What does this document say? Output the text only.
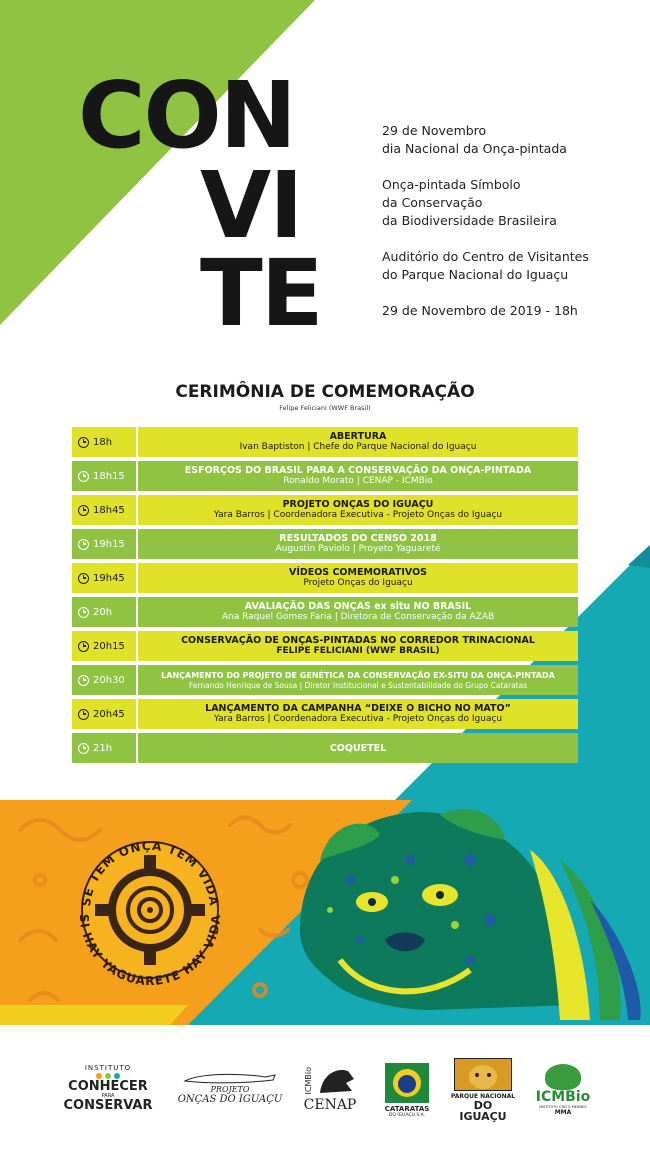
SE TEM ONÇA TEM VIDA
SI HAY YAGUARETE HAY VIDA
CON
VI
TE
29 de Novembro
dia Nacional da Onça-pintada
Onça-pintada Símbolo
da Conservação
da Biodiversidade Brasileira
Auditório do Centro de Visitantes
do Parque Nacional do Iguaçu
29 de Novembro de 2019 - 18h
CERIMÔNIA DE COMEMORAÇÃO
Felipe Feliciani (WWF Brasil)
18h	ABERTURA
Ivan Baptiston | Chefe do Parque Nacional do Iguaçu
18h15	ESFORÇOS DO BRASIL PARA A CONSERVAÇÃO DA ONÇA-PINTADA
Ronaldo Morato | CENAP - ICMBio
18h45	PROJETO ONÇAS DO IGUAÇU
Yara Barros | Coordenadora Executiva - Projeto Onças do Iguaçu
19h15	RESULTADOS DO CENSO 2018
Augustin Paviolo | Proyeto Yaguareté
19h45	VÍDEOS COMEMORATIVOS
Projeto Onças do Iguaçu
20h	AVALIAÇÃO DAS ONÇAS ex situ NO BRASIL
Ana Raquel Gomes Faria | Diretora de Conservação da AZAB
20h15	CONSERVAÇÃO DE ONÇAS-PINTADAS NO CORREDOR TRINACIONAL
FELIPE FELICIANI (WWF BRASIL)
20h30	LANÇAMENTO DO PROJETO DE GENÉTICA DA CONSERVAÇÃO EX-SITU DA ONÇA-PINTADA
Fernando Henrique de Sousa | Diretor Institucional e Sustentabilidade do Grupo Cataratas
20h45	LANÇAMENTO DA CAMPANHA “DEIXE O BICHO NO MATO”
Yara Barros | Coordenadora Executiva - Projeto Onças do Iguaçu
21h	COQUETEL
INSTITUTO
CONHECER
PARA
CONSERVAR
PROJETO
ONÇAS DO IGUAÇU
ICMBio
CENAP	CATARATAS
DO IGUAÇU S.A.
PARQUE NACIONAL
DO IGUAÇU
ICMBio
INSTITUTO CHICO MENDES
MMA
